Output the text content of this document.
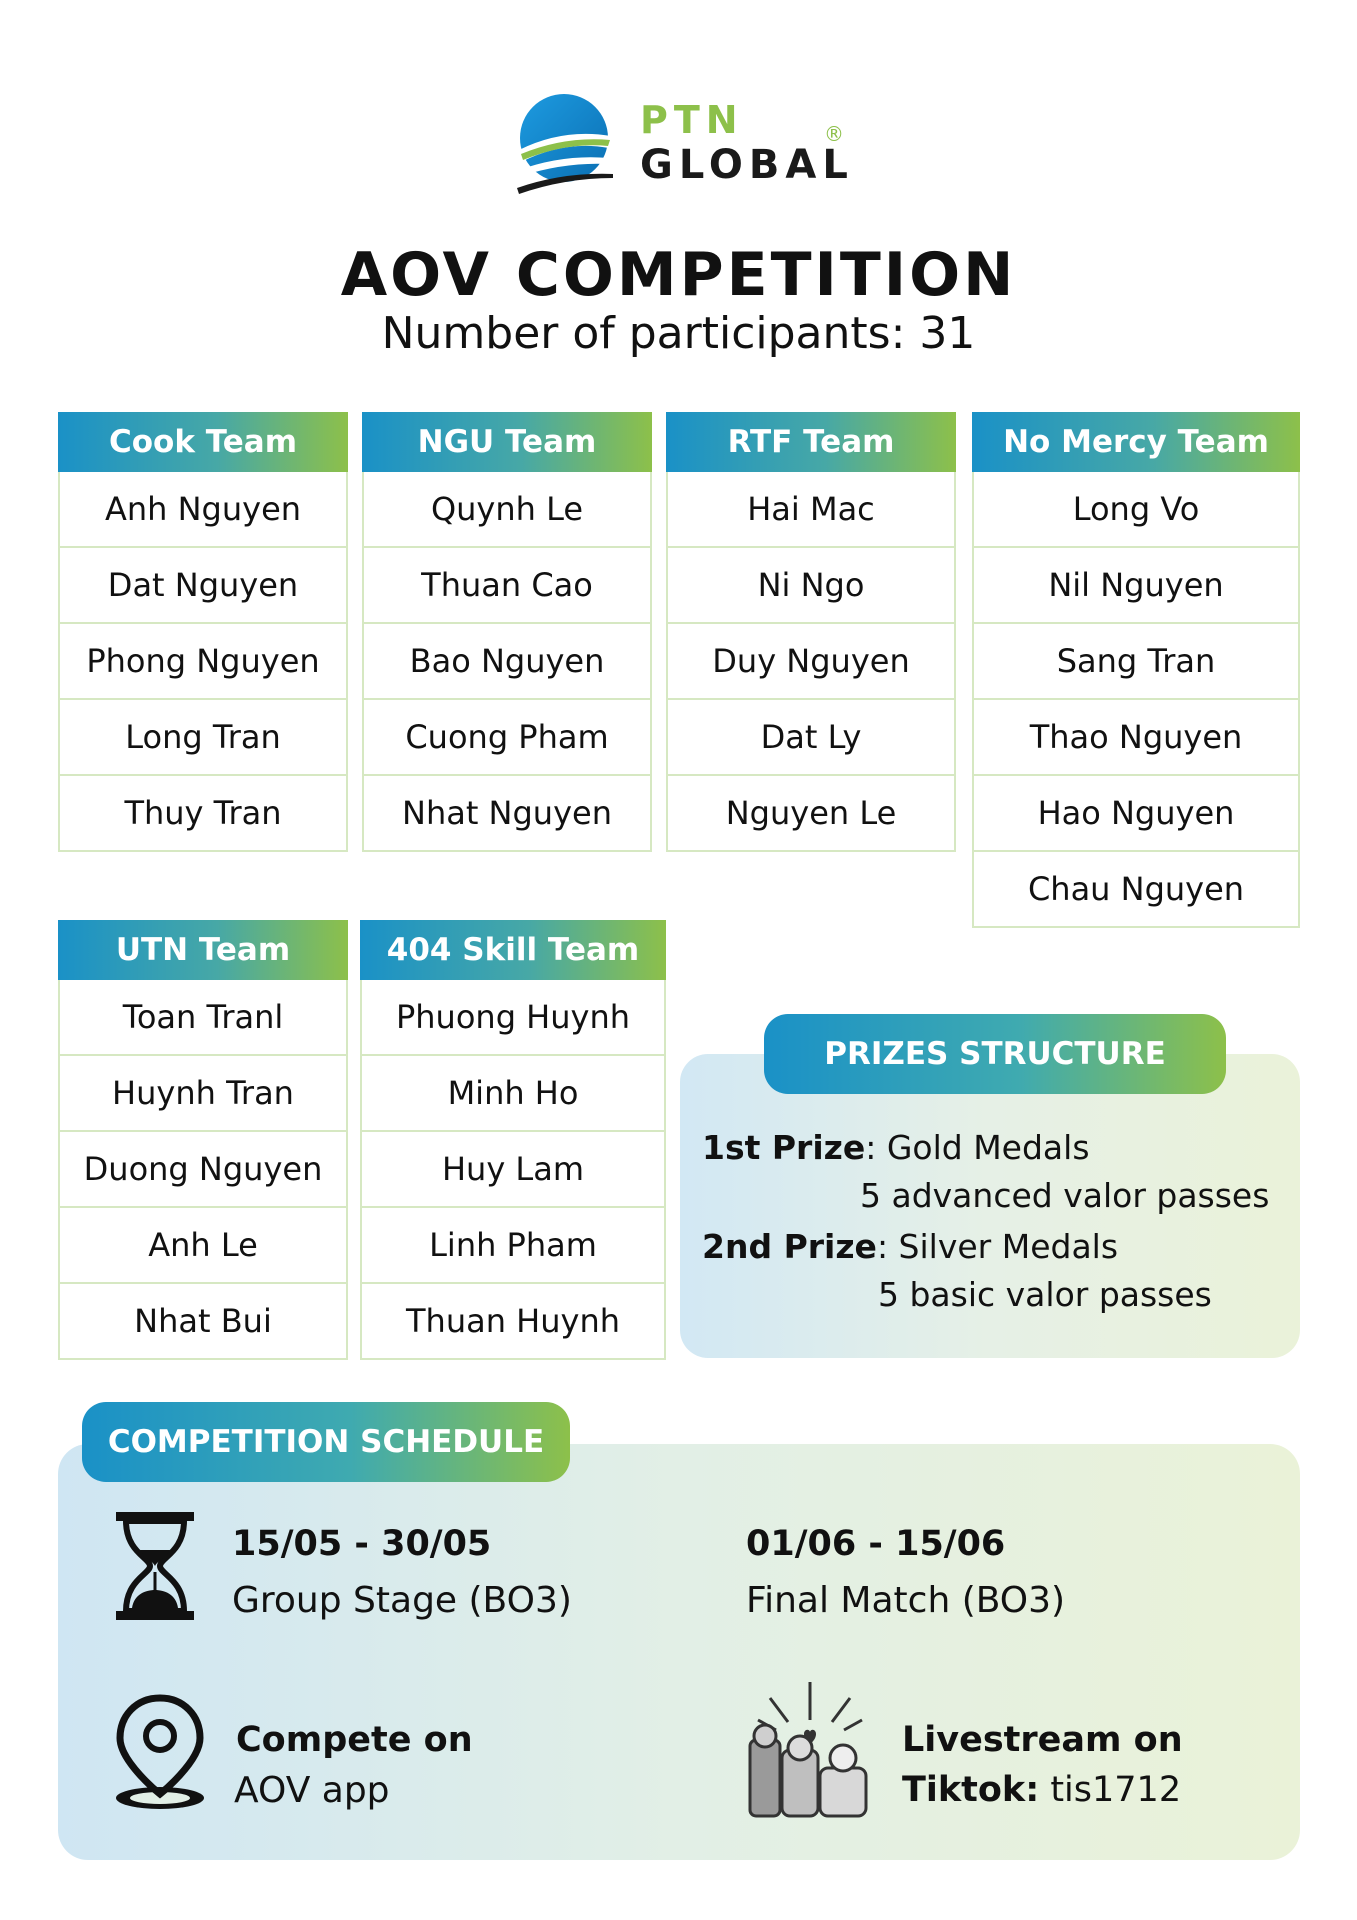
PTN
GLOBAL
®
AOV COMPETITION
Number of participants: 31
Cook Team
Anh Nguyen
Dat Nguyen
Phong Nguyen
Long Tran
Thuy Tran
NGU Team
Quynh Le
Thuan Cao
Bao Nguyen
Cuong Pham
Nhat Nguyen
RTF Team
Hai Mac
Ni Ngo
Duy Nguyen
Dat Ly
Nguyen Le
No Mercy Team
Long Vo
Nil Nguyen
Sang Tran
Thao Nguyen
Hao Nguyen
Chau Nguyen
UTN Team
Toan Tranl
Huynh Tran
Duong Nguyen
Anh Le
Nhat Bui
404 Skill Team
Phuong Huynh
Minh Ho
Huy Lam
Linh Pham
Thuan Huynh
PRIZES STRUCTURE
1st Prize: Gold Medals
5 advanced valor passes
2nd Prize: Silver Medals
5 basic valor passes
COMPETITION SCHEDULE
15/05 - 30/05
Group Stage (BO3)
01/06 - 15/06
Final Match (BO3)
Compete on
AOV app
Livestream on
Tiktok: tis1712
